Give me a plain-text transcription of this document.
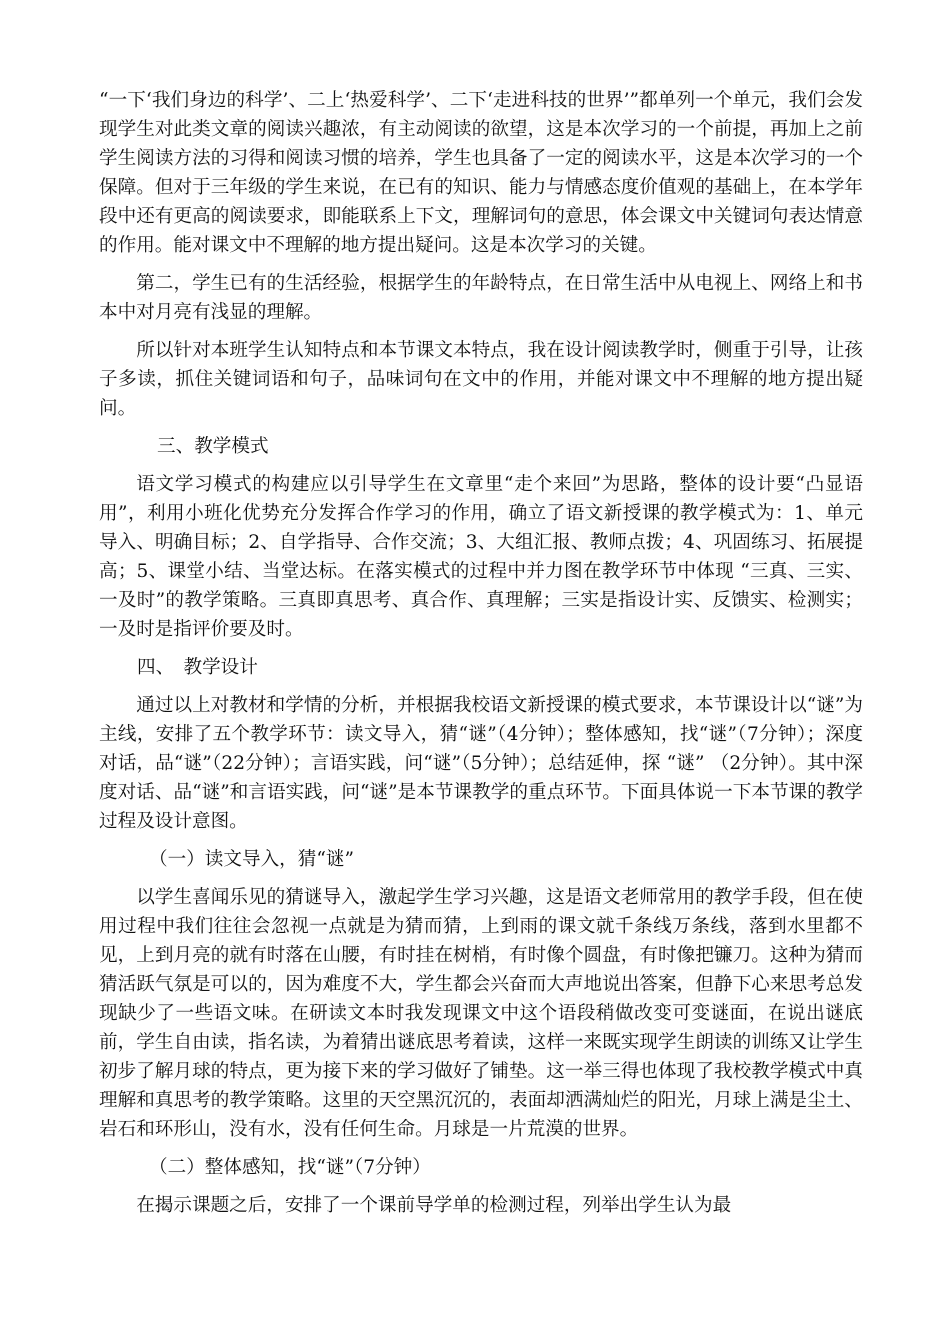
“一下‘我们身边的科学’、二上‘热爱科学’、二下‘走进科技的世界’”都单列一个单元，我们会发现学生对此类文章的阅读兴趣浓，有主动阅读的欲望，这是本次学习的一个前提，再加上之前学生阅读方法的习得和阅读习惯的培养，学生也具备了一定的阅读水平，这是本次学习的一个保障。但对于三年级的学生来说，在已有的知识、能力与情感态度价值观的基础上，在本学年段中还有更高的阅读要求，即能联系上下文，理解词句的意思，体会课文中关键词句表达情意的作用。能对课文中不理解的地方提出疑问。这是本次学习的关键。

第二，学生已有的生活经验，根据学生的年龄特点，在日常生活中从电视上、网络上和书本中对月亮有浅显的理解。

所以针对本班学生认知特点和本节课文本特点，我在设计阅读教学时，侧重于引导，让孩子多读，抓住关键词语和句子，品味词句在文中的作用，并能对课文中不理解的地方提出疑问。

三、教学模式

语文学习模式的构建应以引导学生在文章里“走个来回”为思路，整体的设计要“凸显语用”，利用小班化优势充分发挥合作学习的作用，确立了语文新授课的教学模式为：1、单元导入、明确目标；2、自学指导、合作交流；3、大组汇报、教师点拨；4、巩固练习、拓展提高；5、课堂小结、当堂达标。在落实模式的过程中并力图在教学环节中体现 “三真、三实、一及时”的教学策略。三真即真思考、真合作、真理解；三实是指设计实、反馈实、检测实；一及时是指评价要及时。

四、　教学设计

通过以上对教材和学情的分析，并根据我校语文新授课的模式要求，本节课设计以“谜”为主线，安排了五个教学环节：读文导入，猜“谜”（4分钟）；整体感知，找“谜”（7分钟）；深度对话，品“谜”（22分钟）；言语实践，问“谜”（5分钟）；总结延伸，探 “谜” （2分钟）。其中深度对话、品“谜”和言语实践，问“谜”是本节课教学的重点环节。下面具体说一下本节课的教学过程及设计意图。

（一）读文导入，猜“谜”

以学生喜闻乐见的猜谜导入，激起学生学习兴趣，这是语文老师常用的教学手段，但在使用过程中我们往往会忽视一点就是为猜而猜，上到雨的课文就千条线万条线，落到水里都不见，上到月亮的就有时落在山腰，有时挂在树梢，有时像个圆盘，有时像把镰刀。这种为猜而猜活跃气氛是可以的，因为难度不大，学生都会兴奋而大声地说出答案，但静下心来思考总发现缺少了一些语文味。在研读文本时我发现课文中这个语段稍做改变可变谜面，在说出谜底前，学生自由读，指名读，为着猜出谜底思考着读，这样一来既实现学生朗读的训练又让学生初步了解月球的特点，更为接下来的学习做好了铺垫。这一举三得也体现了我校教学模式中真理解和真思考的教学策略。这里的天空黑沉沉的，表面却洒满灿烂的阳光，月球上满是尘土、岩石和环形山，没有水，没有任何生命。月球是一片荒漠的世界。

（二）整体感知，找“谜”（7分钟）

在揭示课题之后，安排了一个课前导学单的检测过程，列举出学生认为最
